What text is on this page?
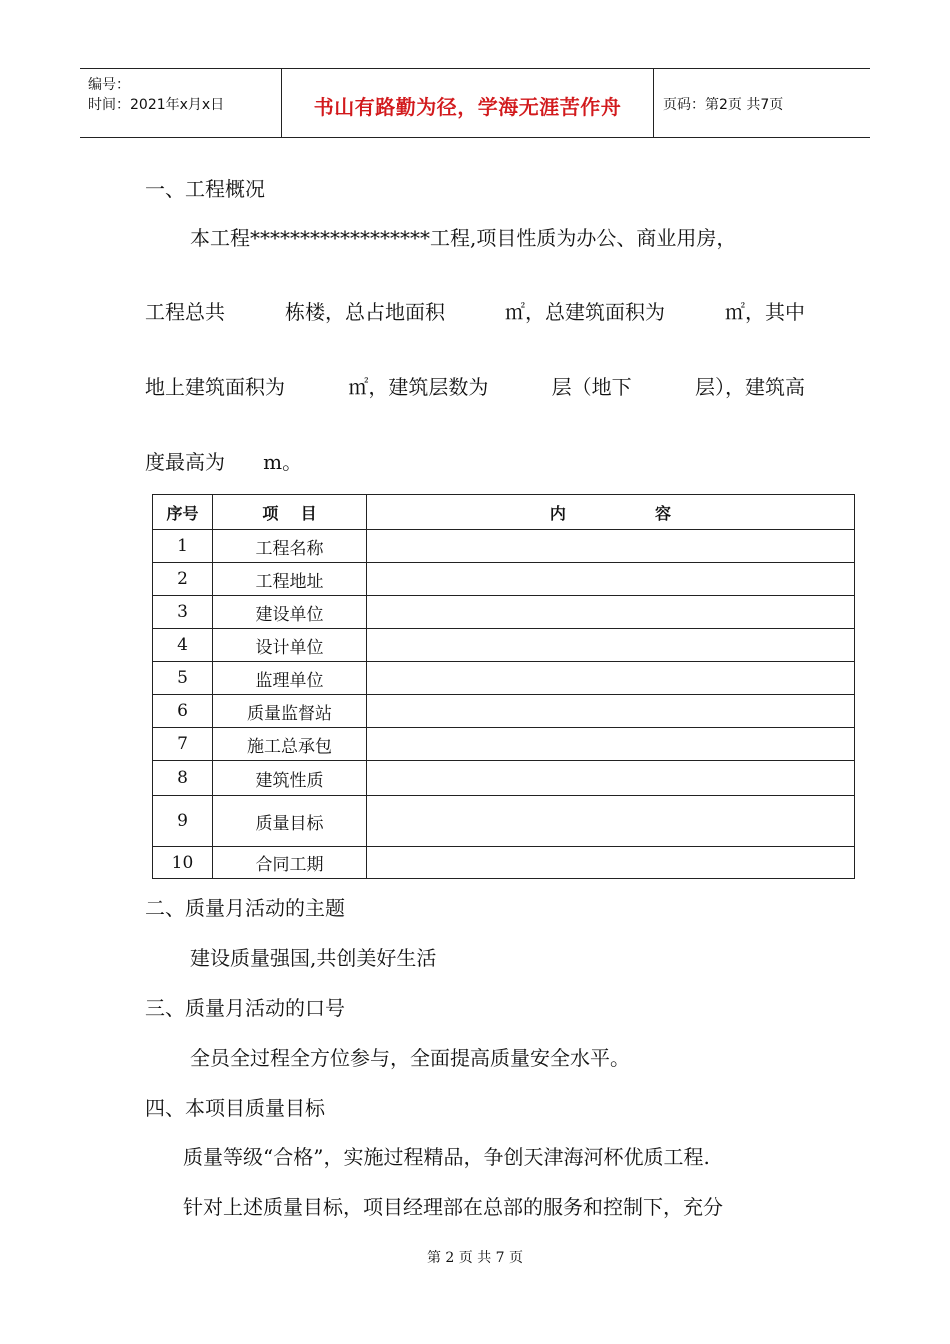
编号：
时间：2021年x月x日	书山有路勤为径，学海无涯苦作舟	页码：第2页 共7页
一、工程概况
本工程******************工程,项目性质为办公、商业用房，
工程总共	栋楼，总占地面积	㎡，总建筑面积为	㎡，其中
地上建筑面积为	㎡，建筑层数为	层（地下	层），建筑高
度最高为      m。
序号	项    目	内                容
1	工程名称	
2	工程地址	
3	建设单位	
4	设计单位	
5	监理单位	
6	质量监督站	
7	施工总承包	
8	建筑性质	
9	质量目标	
10	合同工期	
二、质量月活动的主题
建设质量强国,共创美好生活
三、质量月活动的口号
全员全过程全方位参与，全面提高质量安全水平。
四、本项目质量目标
质量等级“合格”，实施过程精品，争创天津海河杯优质工程.
针对上述质量目标，项目经理部在总部的服务和控制下，充分
第 2 页 共 7 页
